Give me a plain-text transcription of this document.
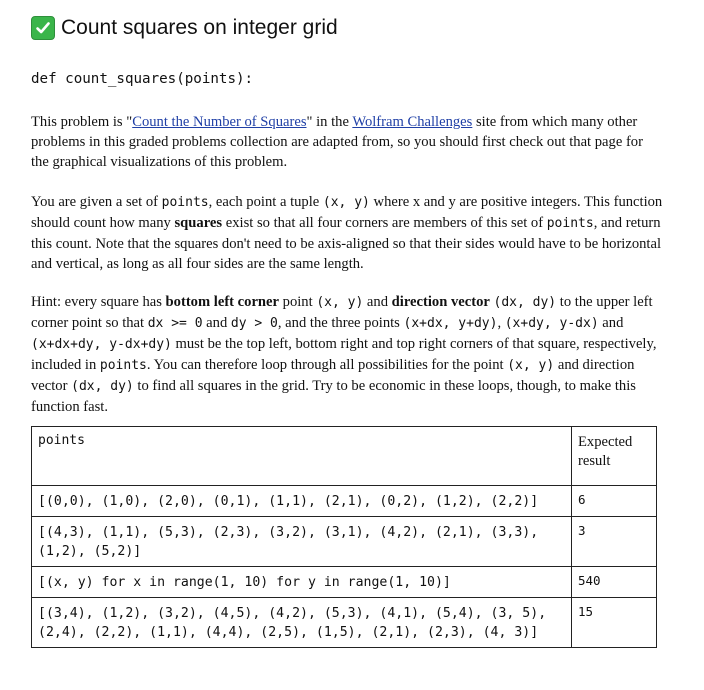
Count squares on integer grid
def count_squares(points):

This problem is "Count the Number of Squares" in the Wolfram Challenges site from which many other problems in this graded problems collection are adapted from, so you should first check out that page for the graphical visualizations of this problem.

You are given a set of points, each point a tuple (x, y) where x and y are positive integers. This function should count how many squares exist so that all four corners are members of this set of points, and return this count. Note that the squares don't need to be axis-aligned so that their sides would have to be horizontal and vertical, as long as all four sides are the same length.

Hint: every square has bottom left corner point (x, y) and direction vector (dx, dy) to the upper left corner point so that dx >= 0 and dy > 0, and the three points (x+dx, y+dy), (x+dy, y-dx) and (x+dx+dy, y-dx+dy) must be the top left, bottom right and top right corners of that square, respectively, included in points. You can therefore loop through all possibilities for the point (x, y) and direction vector (dx, dy) to find all squares in the grid. Try to be economic in these loops, though, to make this function fast.

points	Expected result
[(0,0), (1,0), (2,0), (0,1), (1,1), (2,1), (0,2), (1,2), (2,2)]	6
[(4,3), (1,1), (5,3), (2,3), (3,2), (3,1), (4,2), (2,1), (3,3), (1,2), (5,2)]	3
[(x, y) for x in range(1, 10) for y in range(1, 10)]	540
[(3,4), (1,2), (3,2), (4,5), (4,2), (5,3), (4,1), (5,4), (3, 5), (2,4), (2,2), (1,1), (4,4), (2,5), (1,5), (2,1), (2,3), (4, 3)]	15
